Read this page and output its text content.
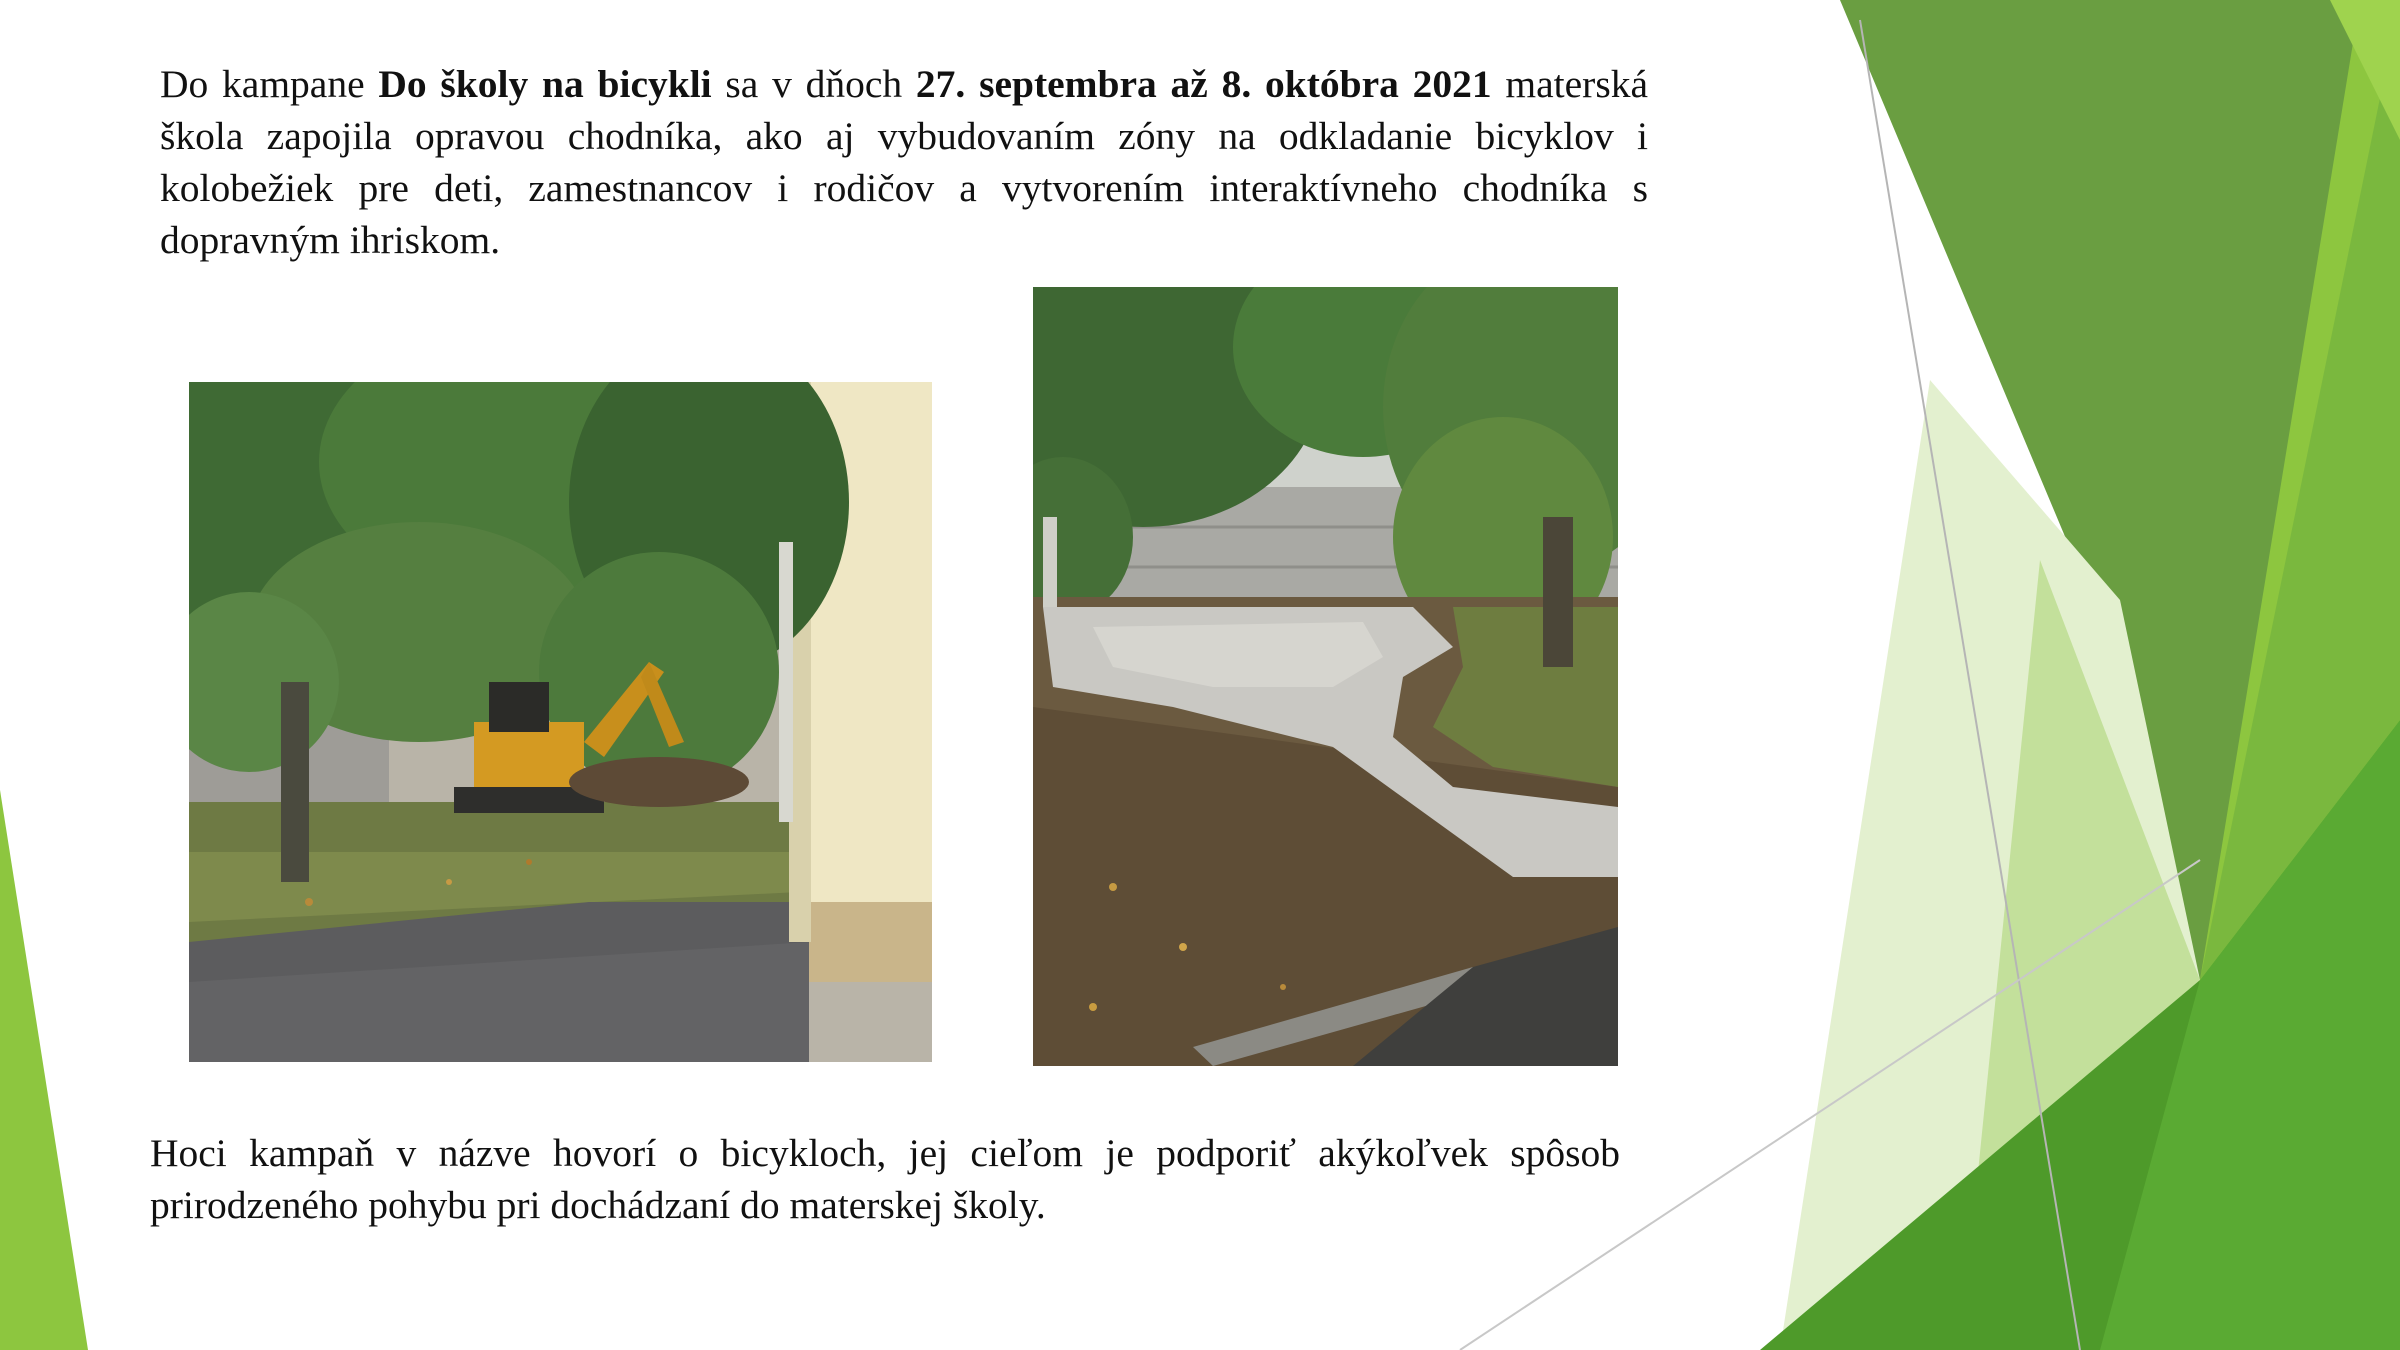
Do kampane Do školy na bicykli sa v dňoch 27. septembra až 8. októbra 2021 materská škola zapojila opravou chodníka, ako aj vybudovaním zóny na odkladanie bicyklov i kolobežiek pre deti, zamestnancov i rodičov a vytvorením interaktívneho chodníka s dopravným ihriskom.
Hoci kampaň v názve hovorí o bicykloch, jej cieľom je podporiť akýkoľvek spôsob prirodzeného pohybu pri dochádzaní do materskej školy.
